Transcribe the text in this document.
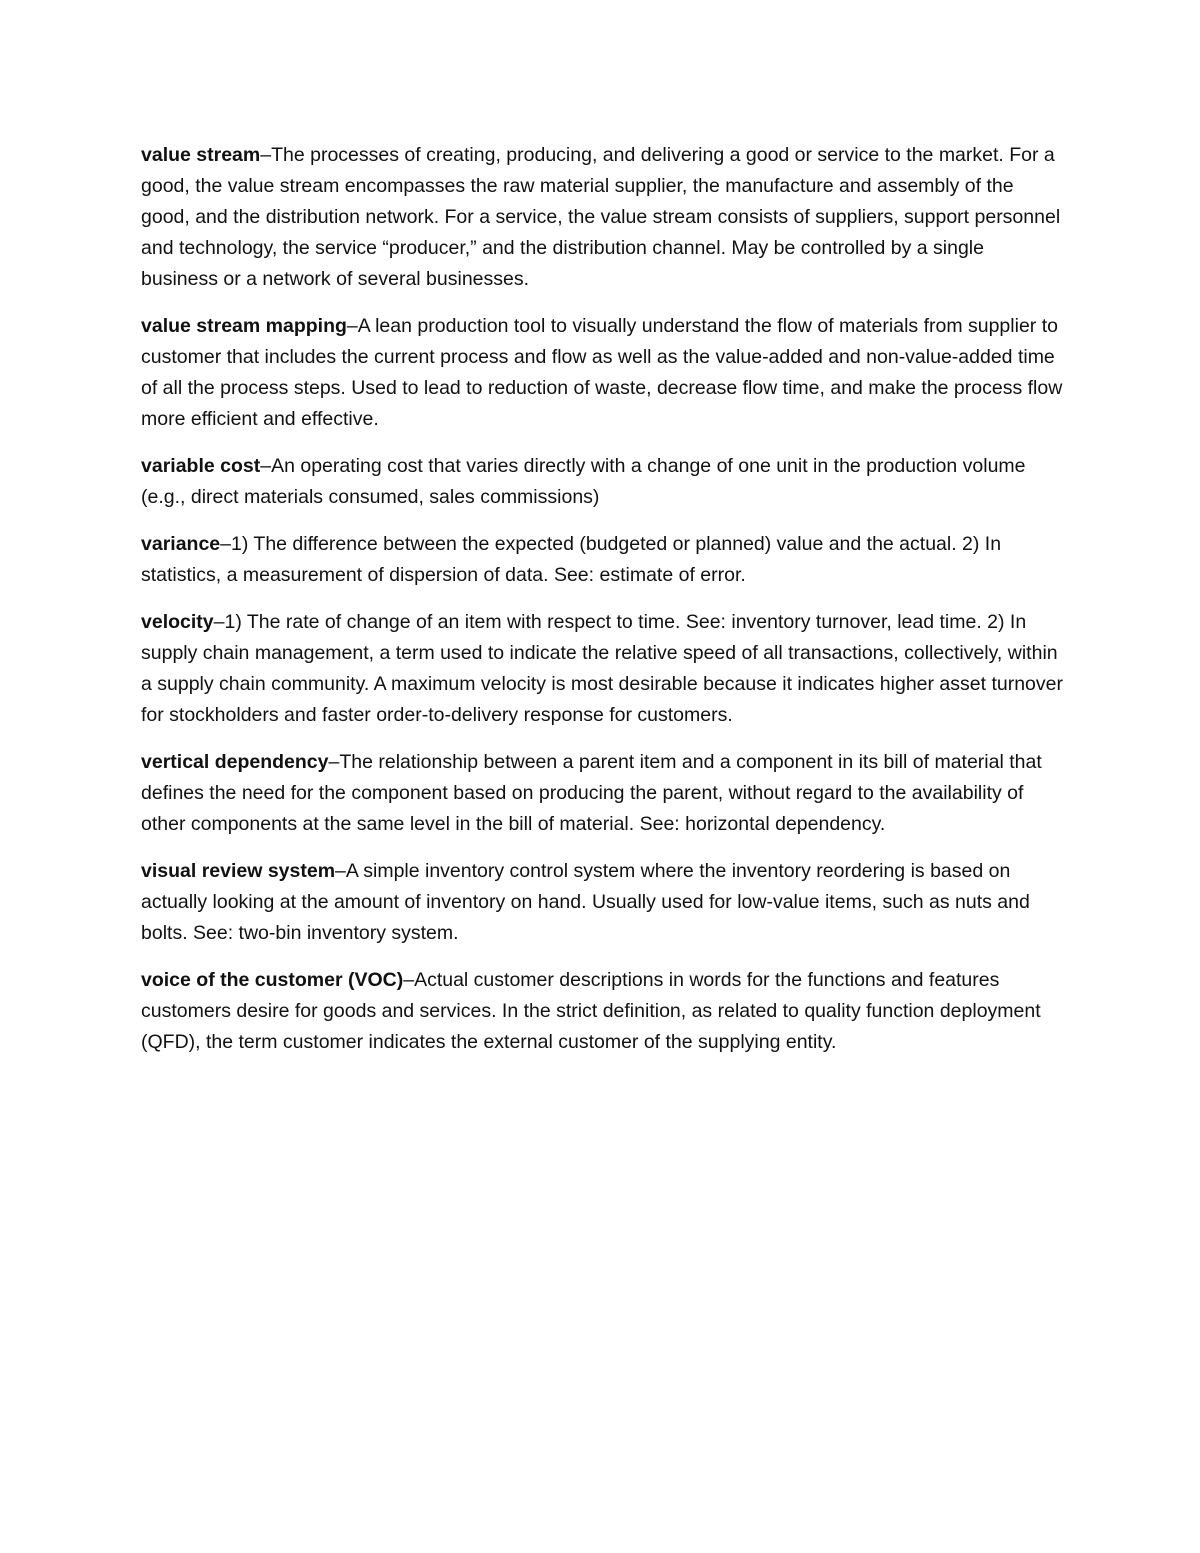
value stream–The processes of creating, producing, and delivering a good or service to the market. For a good, the value stream encompasses the raw material supplier, the manufacture and assembly of the good, and the distribution network. For a service, the value stream consists of suppliers, support personnel and technology, the service “producer,” and the distribution channel. May be controlled by a single business or a network of several businesses.

value stream mapping–A lean production tool to visually understand the flow of materials from supplier to customer that includes the current process and flow as well as the value-added and non-value-added time of all the process steps. Used to lead to reduction of waste, decrease flow time, and make the process flow more efficient and effective.

variable cost–An operating cost that varies directly with a change of one unit in the production volume (e.g., direct materials consumed, sales commissions)

variance–1) The difference between the expected (budgeted or planned) value and the actual. 2) In statistics, a measurement of dispersion of data. See: estimate of error.

velocity–1) The rate of change of an item with respect to time. See: inventory turnover, lead time. 2) In supply chain management, a term used to indicate the relative speed of all transactions, collectively, within a supply chain community. A maximum velocity is most desirable because it indicates higher asset turnover for stockholders and faster order-to-delivery response for customers.

vertical dependency–The relationship between a parent item and a component in its bill of material that defines the need for the component based on producing the parent, without regard to the availability of other components at the same level in the bill of material. See: horizontal dependency.

visual review system–A simple inventory control system where the inventory reordering is based on actually looking at the amount of inventory on hand. Usually used for low-value items, such as nuts and bolts. See: two-bin inventory system.

voice of the customer (VOC)–Actual customer descriptions in words for the functions and features customers desire for goods and services. In the strict definition, as related to quality function deployment (QFD), the term customer indicates the external customer of the supplying entity.
